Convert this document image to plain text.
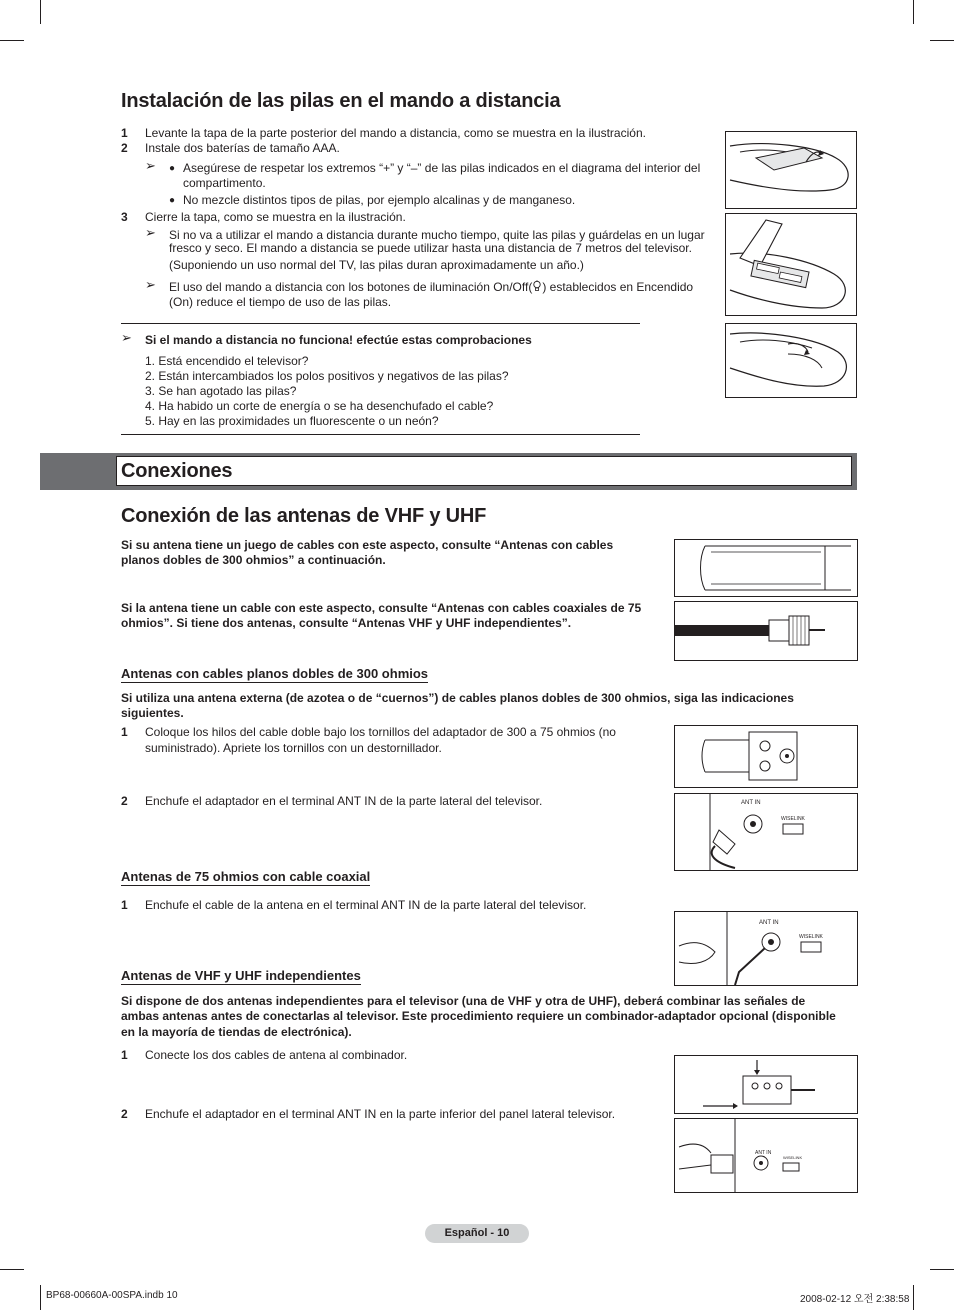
Instalación de las pilas en el mando a distancia
1 Levante la tapa de la parte posterior del mando a distancia, como se muestra en la ilustración.
2 Instale dos baterías de tamaño AAA.
➢ ● Asegúrese de respetar los extremos “+” y “–” de las pilas indicados en el diagrama del interior del
compartimento.
● No mezcle distintos tipos de pilas, por ejemplo alcalinas y de manganeso.
3 Cierre la tapa, como se muestra en la ilustración.
➢ Si no va a utilizar el mando a distancia durante mucho tiempo, quite las pilas y guárdelas en un lugar
fresco y seco. El mando a distancia se puede utilizar hasta una distancia de 7 metros del televisor.
(Suponiendo un uso normal del TV, las pilas duran aproximadamente un año.)
➢ El uso del mando a distancia con los botones de iluminación On/Off( ) establecidos en Encendido
(On) reduce el tiempo de uso de las pilas.
➢ Si el mando a distancia no funciona! efectúe estas comprobaciones
1. Está encendido el televisor?
2. Están intercambiados los polos positivos y negativos de las pilas?
3. Se han agotado las pilas?
4. Ha habido un corte de energía o se ha desenchufado el cable?
5. Hay en las proximidades un fluorescente o un neón?
Conexiones
Conexión de las antenas de VHF y UHF
Si su antena tiene un juego de cables con este aspecto, consulte “Antenas con cables
planos dobles de 300 ohmios” a continuación.
Si la antena tiene un cable con este aspecto, consulte “Antenas con cables coaxiales de 75
ohmios”. Si tiene dos antenas, consulte “Antenas VHF y UHF independientes”.
Antenas con cables planos dobles de 300 ohmios
Si utiliza una antena externa (de azotea o de “cuernos”) de cables planos dobles de 300 ohmios, siga las indicaciones
siguientes.
1 Coloque los hilos del cable doble bajo los tornillos del adaptador de 300 a 75 ohmios (no
suministrado). Apriete los tornillos con un destornillador.
2 Enchufe el adaptador en el terminal ANT IN de la parte lateral del televisor.	ANT IN
WISELINK
Antenas de 75 ohmios con cable coaxial
1 Enchufe el cable de la antena en el terminal ANT IN de la parte lateral del televisor.
ANT IN
WISELINK
Antenas de VHF y UHF independientes
Si dispone de dos antenas independientes para el televisor (una de VHF y otra de UHF), deberá combinar las señales de
ambas antenas antes de conectarlas al televisor. Este procedimiento requiere un combinador-adaptador opcional (disponible
en la mayoría de tiendas de electrónica).
1 Conecte los dos cables de antena al combinador.
2 Enchufe el adaptador en el terminal ANT IN en la parte inferior del panel lateral televisor.
ANT IN
WISELINK
Español - 10
BP68-00660A-00SPA.indb 10	2008-02-12 오전 2:38:58
